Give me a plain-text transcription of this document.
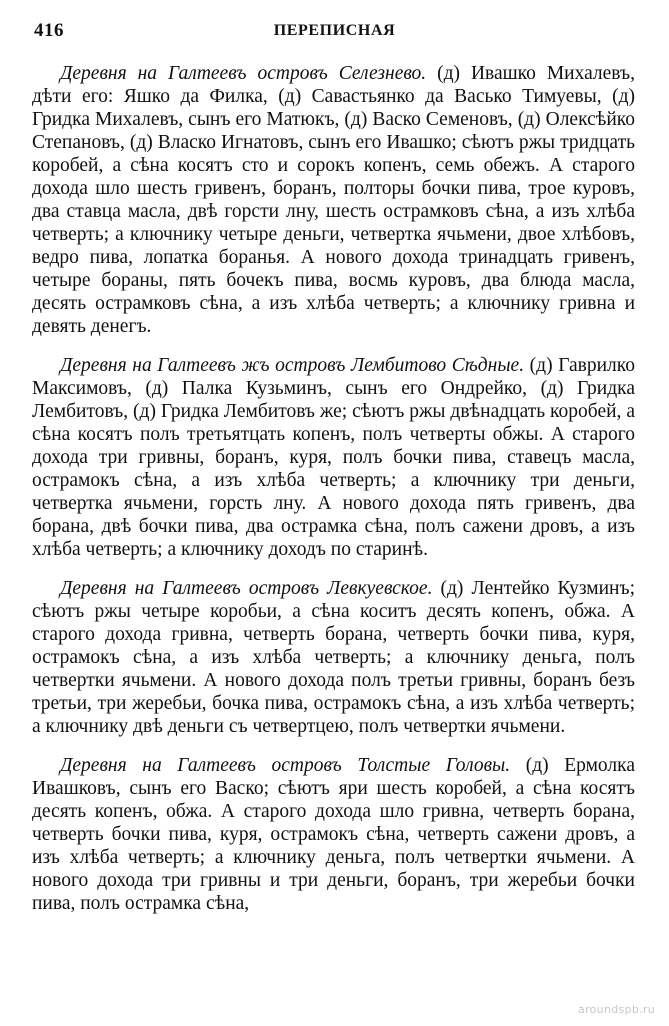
416	ПЕРЕПИСНАЯ

Деревня на Галтеевъ островъ Селезнево. (д) Ивашко Михалевъ, дѣти его: Яшко да Филка, (д) Савастьянко да Васько Тимуевы, (д) Гридка Михалевъ, сынъ его Матюкъ, (д) Васко Семеновъ, (д) Олексѣйко Степановъ, (д) Власко Игнатовъ, сынъ его Ивашко; сѣютъ ржы тридцать коробей, а сѣна косятъ сто и сорокъ копенъ, семь обежъ. А старого дохода шло шесть гривенъ, боранъ, полторы бочки пива, трое куровъ, два ставца масла, двѣ горсти лну, шесть острамковъ сѣна, а изъ хлѣба четверть; а ключнику четыре деньги, четвертка ячьмени, двое хлѣбовъ, ведро пива, лопатка боранья. А нового дохода тринадцать гривенъ, четыре бораны, пять бочекъ пива, восмь куровъ, два блюда масла, десять острамковъ сѣна, а изъ хлѣба четверть; а ключнику гривна и девять денегъ.

Деревня на Галтеевъ жъ островъ Лембитово Сѣдные. (д) Гаврилко Максимовъ, (д) Палка Кузьминъ, сынъ его Ондрейко, (д) Гридка Лембитовъ, (д) Гридка Лембитовъ же; сѣютъ ржы двѣнадцать коробей, а сѣна косятъ полъ третьятцать копенъ, полъ четверты обжы. А старого дохода три гривны, боранъ, куря, полъ бочки пива, ставецъ масла, острамокъ сѣна, а изъ хлѣба четверть; а ключнику три деньги, четвертка ячьмени, горсть лну. А нового дохода пять гривенъ, два борана, двѣ бочки пива, два острамка сѣна, полъ сажени дровъ, а изъ хлѣба четверть; а ключнику доходъ по старинѣ.

Деревня на Галтеевъ островъ Левкуевское. (д) Лентейко Кузминъ; сѣютъ ржы четыре коробьи, а сѣна коситъ десять копенъ, обжа. А старого дохода гривна, четверть борана, четверть бочки пива, куря, острамокъ сѣна, а изъ хлѣба четверть; а ключнику деньга, полъ четвертки ячьмени. А нового дохода полъ третьи гривны, боранъ безъ третьи, три жеребьи, бочка пива, острамокъ сѣна, а изъ хлѣба четверть; а ключнику двѣ деньги съ четвертцею, полъ четвертки ячьмени.

Деревня на Галтеевъ островъ Толстые Головы. (д) Ермолка Ивашковъ, сынъ его Васко; сѣютъ яри шесть коробей, а сѣна косятъ десять копенъ, обжа. А старого дохода шло гривна, четверть борана, четверть бочки пива, куря, острамокъ сѣна, четверть сажени дровъ, а изъ хлѣба четверть; а ключнику деньга, полъ четвертки ячьмени. А нового дохода три гривны и три деньги, боранъ, три жеребьи бочки пива, полъ острамка сѣна,

aroundspb.ru
